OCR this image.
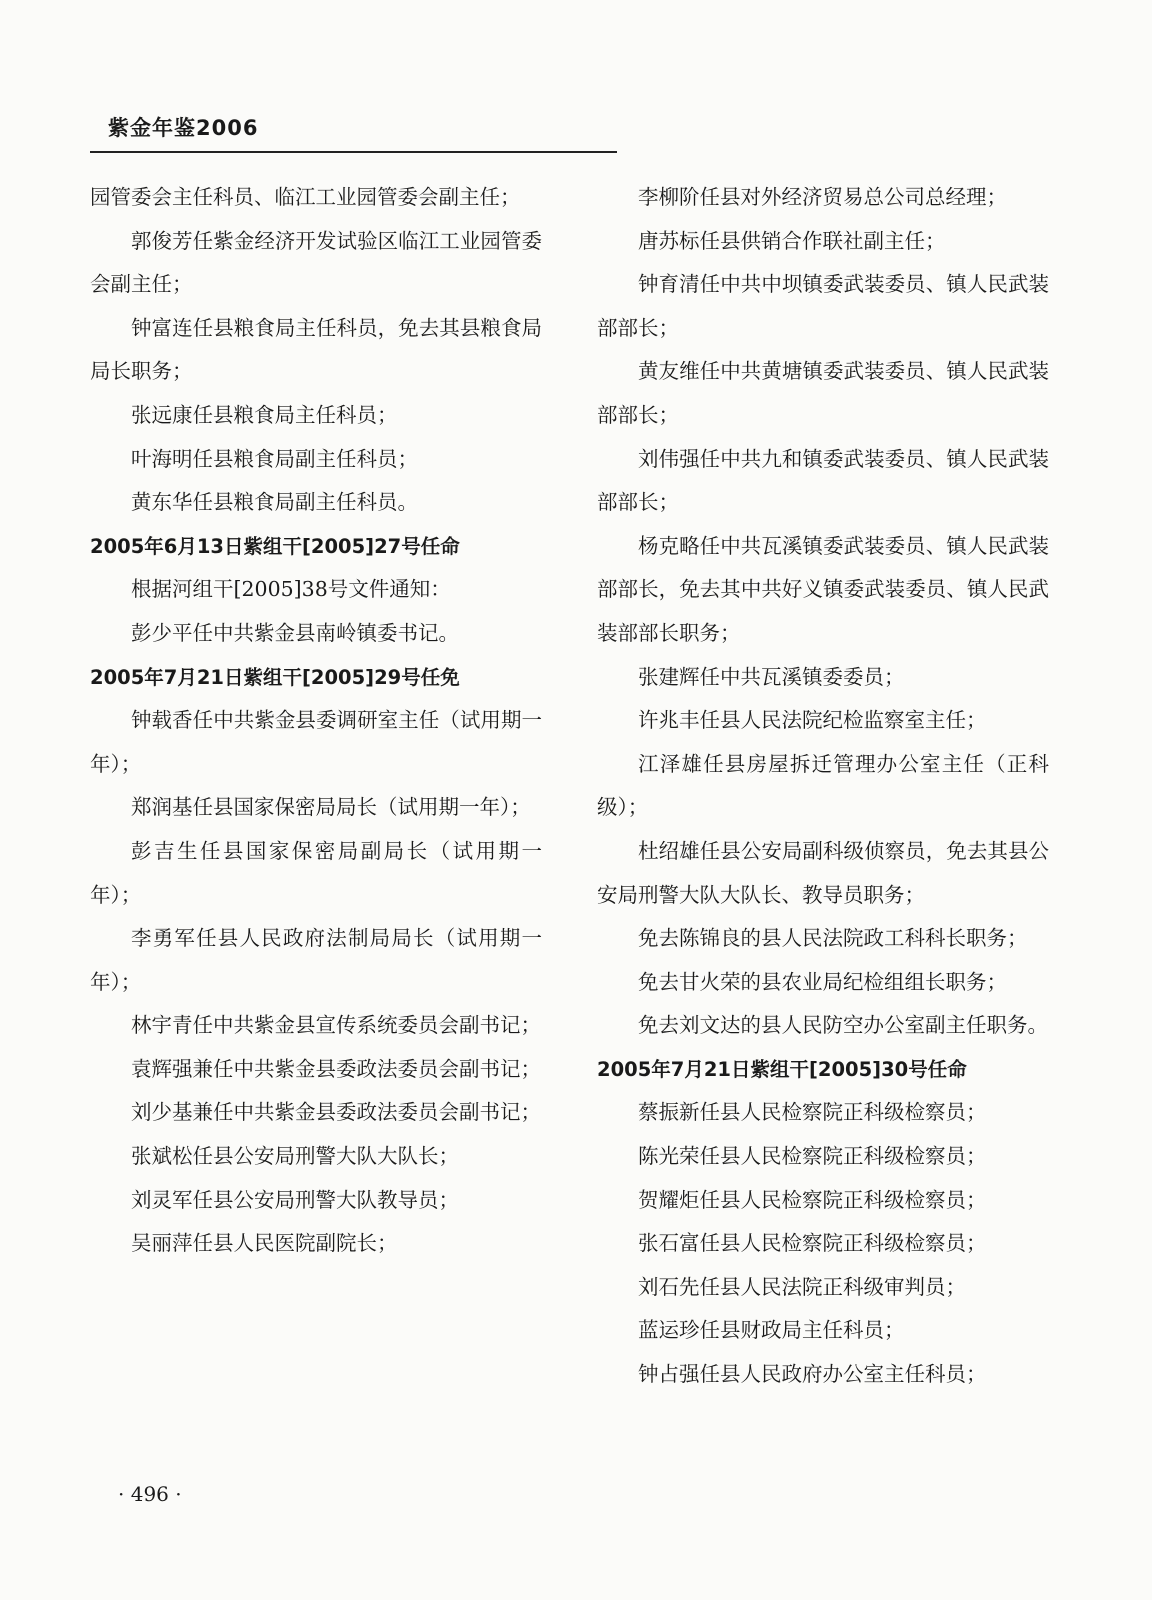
紫金年鉴2006

园管委会主任科员、临江工业园管委会副主任；

郭俊芳任紫金经济开发试验区临江工业园管委会副主任；

钟富连任县粮食局主任科员，免去其县粮食局局长职务；

张远康任县粮食局主任科员；

叶海明任县粮食局副主任科员；

黄东华任县粮食局副主任科员。

2005年6月13日紫组干[2005]27号任命

根据河组干[2005]38号文件通知：

彭少平任中共紫金县南岭镇委书记。

2005年7月21日紫组干[2005]29号任免

钟载香任中共紫金县委调研室主任（试用期一年）；

郑润基任县国家保密局局长（试用期一年）；

彭吉生任县国家保密局副局长（试用期一年）；

李勇军任县人民政府法制局局长（试用期一年）；

林宇青任中共紫金县宣传系统委员会副书记；

袁辉强兼任中共紫金县委政法委员会副书记；

刘少基兼任中共紫金县委政法委员会副书记；

张斌松任县公安局刑警大队大队长；

刘灵军任县公安局刑警大队教导员；

吴丽萍任县人民医院副院长；

李柳阶任县对外经济贸易总公司总经理；

唐苏标任县供销合作联社副主任；

钟育清任中共中坝镇委武装委员、镇人民武装部部长；

黄友维任中共黄塘镇委武装委员、镇人民武装部部长；

刘伟强任中共九和镇委武装委员、镇人民武装部部长；

杨克略任中共瓦溪镇委武装委员、镇人民武装部部长，免去其中共好义镇委武装委员、镇人民武装部部长职务；

张建辉任中共瓦溪镇委委员；

许兆丰任县人民法院纪检监察室主任；

江泽雄任县房屋拆迁管理办公室主任（正科级）；

杜绍雄任县公安局副科级侦察员，免去其县公安局刑警大队大队长、教导员职务；

免去陈锦良的县人民法院政工科科长职务；

免去甘火荣的县农业局纪检组组长职务；

免去刘文达的县人民防空办公室副主任职务。

2005年7月21日紫组干[2005]30号任命

蔡振新任县人民检察院正科级检察员；

陈光荣任县人民检察院正科级检察员；

贺耀炬任县人民检察院正科级检察员；

张石富任县人民检察院正科级检察员；

刘石先任县人民法院正科级审判员；

蓝运珍任县财政局主任科员；

钟占强任县人民政府办公室主任科员；

· 496 ·
